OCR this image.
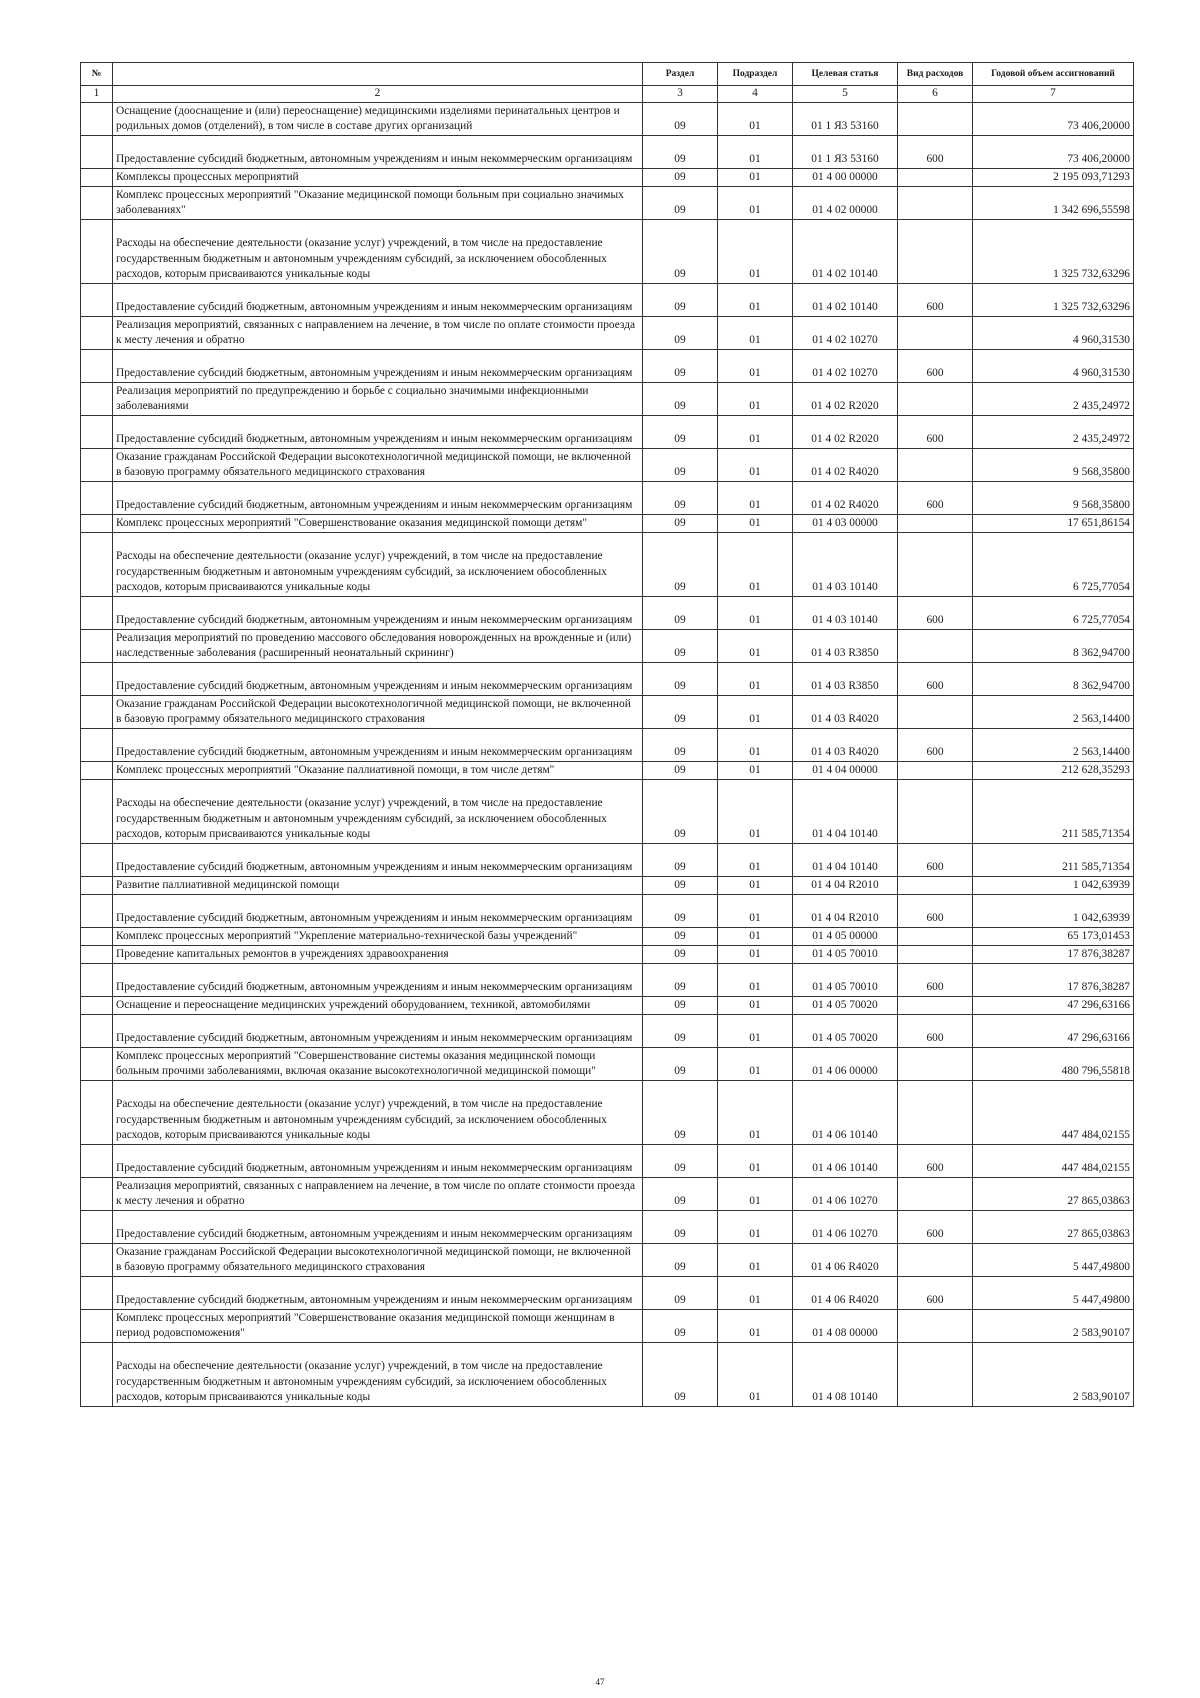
№		Раздел	Подраздел	Целевая статья	Вид расходов	Годовой объем ассигнований
1	2	3	4	5	6	7
	Оснащение (дооснащение и (или) переоснащение) медицинскими изделиями перинатальных центров и родильных домов (отделений), в том числе в составе других организаций	09	01	01 1 Я3 53160		73 406,20000
	Предоставление субсидий бюджетным, автономным учреждениям и иным некоммерческим организациям	09	01	01 1 Я3 53160	600	73 406,20000
	Комплексы процессных мероприятий	09	01	01 4 00 00000		2 195 093,71293
	Комплекс процессных мероприятий "Оказание медицинской помощи больным при социально значимых заболеваниях"	09	01	01 4 02 00000		1 342 696,55598
	Расходы на обеспечение деятельности (оказание услуг) учреждений, в том числе на предоставление государственным бюджетным и автономным учреждениям субсидий, за исключением обособленных расходов, которым присваиваются уникальные коды	09	01	01 4 02 10140		1 325 732,63296
	Предоставление субсидий бюджетным, автономным учреждениям и иным некоммерческим организациям	09	01	01 4 02 10140	600	1 325 732,63296
	Реализация мероприятий, связанных с направлением на лечение, в том числе по оплате стоимости проезда к месту лечения и обратно	09	01	01 4 02 10270		4 960,31530
	Предоставление субсидий бюджетным, автономным учреждениям и иным некоммерческим организациям	09	01	01 4 02 10270	600	4 960,31530
	Реализация мероприятий по предупреждению и борьбе с социально значимыми инфекционными заболеваниями	09	01	01 4 02 R2020		2 435,24972
	Предоставление субсидий бюджетным, автономным учреждениям и иным некоммерческим организациям	09	01	01 4 02 R2020	600	2 435,24972
	Оказание гражданам Российской Федерации высокотехнологичной медицинской помощи, не включенной в базовую программу обязательного медицинского страхования	09	01	01 4 02 R4020		9 568,35800
	Предоставление субсидий бюджетным, автономным учреждениям и иным некоммерческим организациям	09	01	01 4 02 R4020	600	9 568,35800
	Комплекс процессных мероприятий "Совершенствование оказания медицинской помощи детям"	09	01	01 4 03 00000		17 651,86154
	Расходы на обеспечение деятельности (оказание услуг) учреждений, в том числе на предоставление государственным бюджетным и автономным учреждениям субсидий, за исключением обособленных расходов, которым присваиваются уникальные коды	09	01	01 4 03 10140		6 725,77054
	Предоставление субсидий бюджетным, автономным учреждениям и иным некоммерческим организациям	09	01	01 4 03 10140	600	6 725,77054
	Реализация мероприятий по проведению массового обследования новорожденных на врожденные и (или) наследственные заболевания (расширенный неонатальный скрининг)	09	01	01 4 03 R3850		8 362,94700
	Предоставление субсидий бюджетным, автономным учреждениям и иным некоммерческим организациям	09	01	01 4 03 R3850	600	8 362,94700
	Оказание гражданам Российской Федерации высокотехнологичной медицинской помощи, не включенной в базовую программу обязательного медицинского страхования	09	01	01 4 03 R4020		2 563,14400
	Предоставление субсидий бюджетным, автономным учреждениям и иным некоммерческим организациям	09	01	01 4 03 R4020	600	2 563,14400
	Комплекс процессных мероприятий "Оказание паллиативной помощи, в том числе детям"	09	01	01 4 04 00000		212 628,35293
	Расходы на обеспечение деятельности (оказание услуг) учреждений, в том числе на предоставление государственным бюджетным и автономным учреждениям субсидий, за исключением обособленных расходов, которым присваиваются уникальные коды	09	01	01 4 04 10140		211 585,71354
	Предоставление субсидий бюджетным, автономным учреждениям и иным некоммерческим организациям	09	01	01 4 04 10140	600	211 585,71354
	Развитие паллиативной медицинской помощи	09	01	01 4 04 R2010		1 042,63939
	Предоставление субсидий бюджетным, автономным учреждениям и иным некоммерческим организациям	09	01	01 4 04 R2010	600	1 042,63939
	Комплекс процессных мероприятий "Укрепление материально-технической базы учреждений"	09	01	01 4 05 00000		65 173,01453
	Проведение капитальных ремонтов в учреждениях здравоохранения	09	01	01 4 05 70010		17 876,38287
	Предоставление субсидий бюджетным, автономным учреждениям и иным некоммерческим организациям	09	01	01 4 05 70010	600	17 876,38287
	Оснащение и переоснащение медицинских учреждений оборудованием, техникой, автомобилями	09	01	01 4 05 70020		47 296,63166
	Предоставление субсидий бюджетным, автономным учреждениям и иным некоммерческим организациям	09	01	01 4 05 70020	600	47 296,63166
	Комплекс процессных мероприятий "Совершенствование системы оказания медицинской помощи больным прочими заболеваниями, включая оказание высокотехнологичной медицинской помощи"	09	01	01 4 06 00000		480 796,55818
	Расходы на обеспечение деятельности (оказание услуг) учреждений, в том числе на предоставление государственным бюджетным и автономным учреждениям субсидий, за исключением обособленных расходов, которым присваиваются уникальные коды	09	01	01 4 06 10140		447 484,02155
	Предоставление субсидий бюджетным, автономным учреждениям и иным некоммерческим организациям	09	01	01 4 06 10140	600	447 484,02155
	Реализация мероприятий, связанных с направлением на лечение, в том числе по оплате стоимости проезда к месту лечения и обратно	09	01	01 4 06 10270		27 865,03863
	Предоставление субсидий бюджетным, автономным учреждениям и иным некоммерческим организациям	09	01	01 4 06 10270	600	27 865,03863
	Оказание гражданам Российской Федерации высокотехнологичной медицинской помощи, не включенной в базовую программу обязательного медицинского страхования	09	01	01 4 06 R4020		5 447,49800
	Предоставление субсидий бюджетным, автономным учреждениям и иным некоммерческим организациям	09	01	01 4 06 R4020	600	5 447,49800
	Комплекс процессных мероприятий "Совершенствование оказания медицинской помощи женщинам в период родовспоможения"	09	01	01 4 08 00000		2 583,90107
	Расходы на обеспечение деятельности (оказание услуг) учреждений, в том числе на предоставление государственным бюджетным и автономным учреждениям субсидий, за исключением обособленных расходов, которым присваиваются уникальные коды	09	01	01 4 08 10140		2 583,90107
47
